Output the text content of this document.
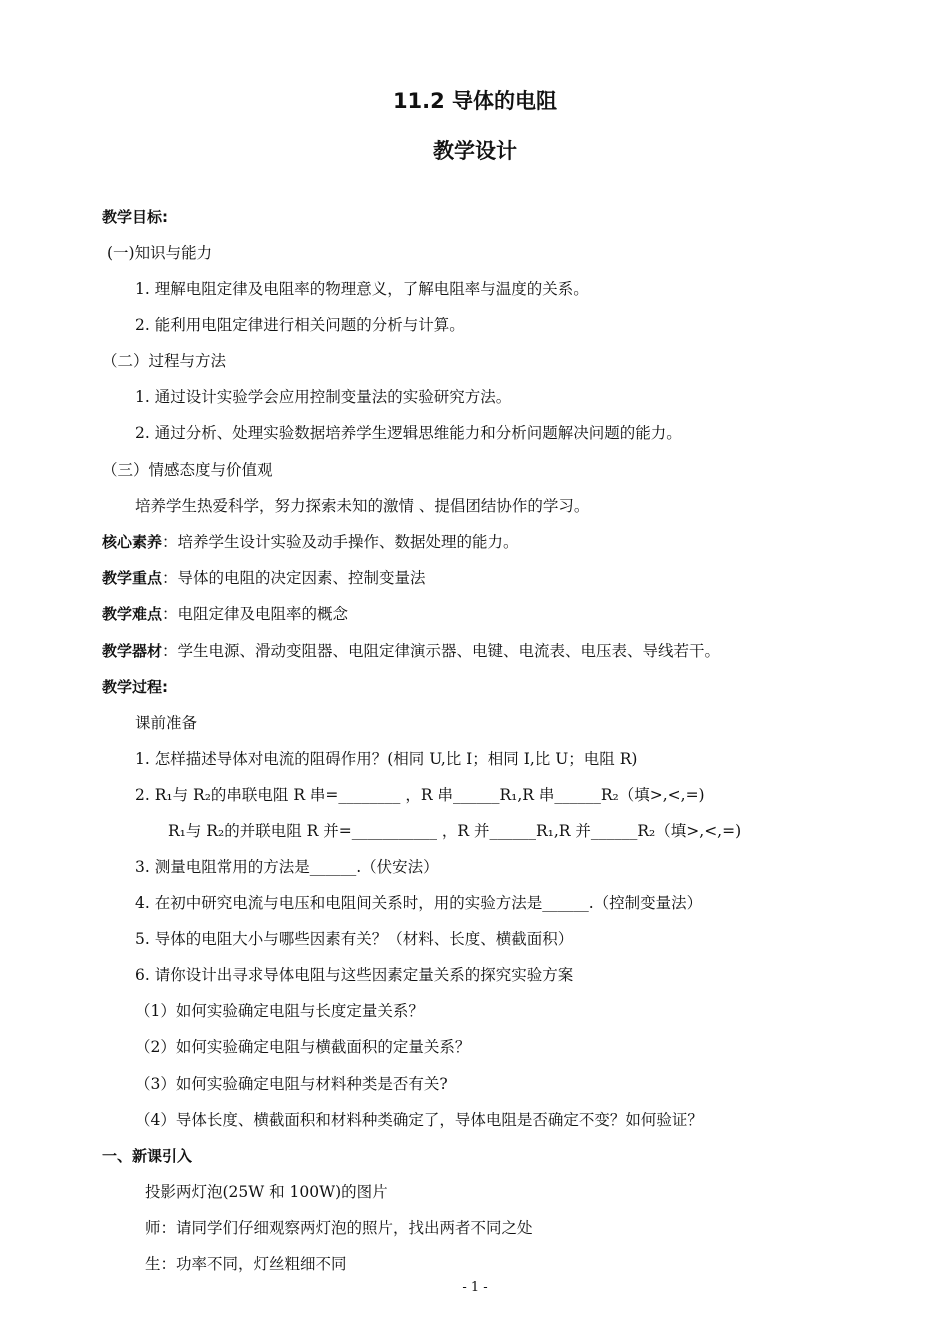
11.2 导体的电阻
教学设计
教学目标:
(一)知识与能力
1. 理解电阻定律及电阻率的物理意义，了解电阻率与温度的关系。
2. 能利用电阻定律进行相关问题的分析与计算。
（二）过程与方法
1. 通过设计实验学会应用控制变量法的实验研究方法。
2. 通过分析、处理实验数据培养学生逻辑思维能力和分析问题解决问题的能力。
（三）情感态度与价值观
培养学生热爱科学，努力探索未知的激情 、提倡团结协作的学习。
核心素养：培养学生设计实验及动手操作、数据处理的能力。
教学重点：导体的电阻的决定因素、控制变量法
教学难点：电阻定律及电阻率的概念
教学器材：学生电源、滑动变阻器、电阻定律演示器、电键、电流表、电压表、导线若干。
教学过程:
课前准备
1. 怎样描述导体对电流的阻碍作用？(相同 U,比 I；相同 I,比 U；电阻 R)
2. R₁与 R₂的串联电阻 R 串=________ ，R 串______R₁,R 串______R₂（填>,<,=)
R₁与 R₂的并联电阻 R 并=___________ ，R 并______R₁,R 并______R₂（填>,<,=)
3. 测量电阻常用的方法是______.（伏安法）
4. 在初中研究电流与电压和电阻间关系时，用的实验方法是______.（控制变量法）
5. 导体的电阻大小与哪些因素有关？（材料、长度、横截面积）
6. 请你设计出寻求导体电阻与这些因素定量关系的探究实验方案
（1）如何实验确定电阻与长度定量关系？
（2）如何实验确定电阻与横截面积的定量关系？
（3）如何实验确定电阻与材料种类是否有关?
（4）导体长度、横截面积和材料种类确定了，导体电阻是否确定不变？如何验证？
一、新课引入
投影两灯泡(25W 和 100W)的图片
师：请同学们仔细观察两灯泡的照片，找出两者不同之处
生：功率不同，灯丝粗细不同
- 1 -
